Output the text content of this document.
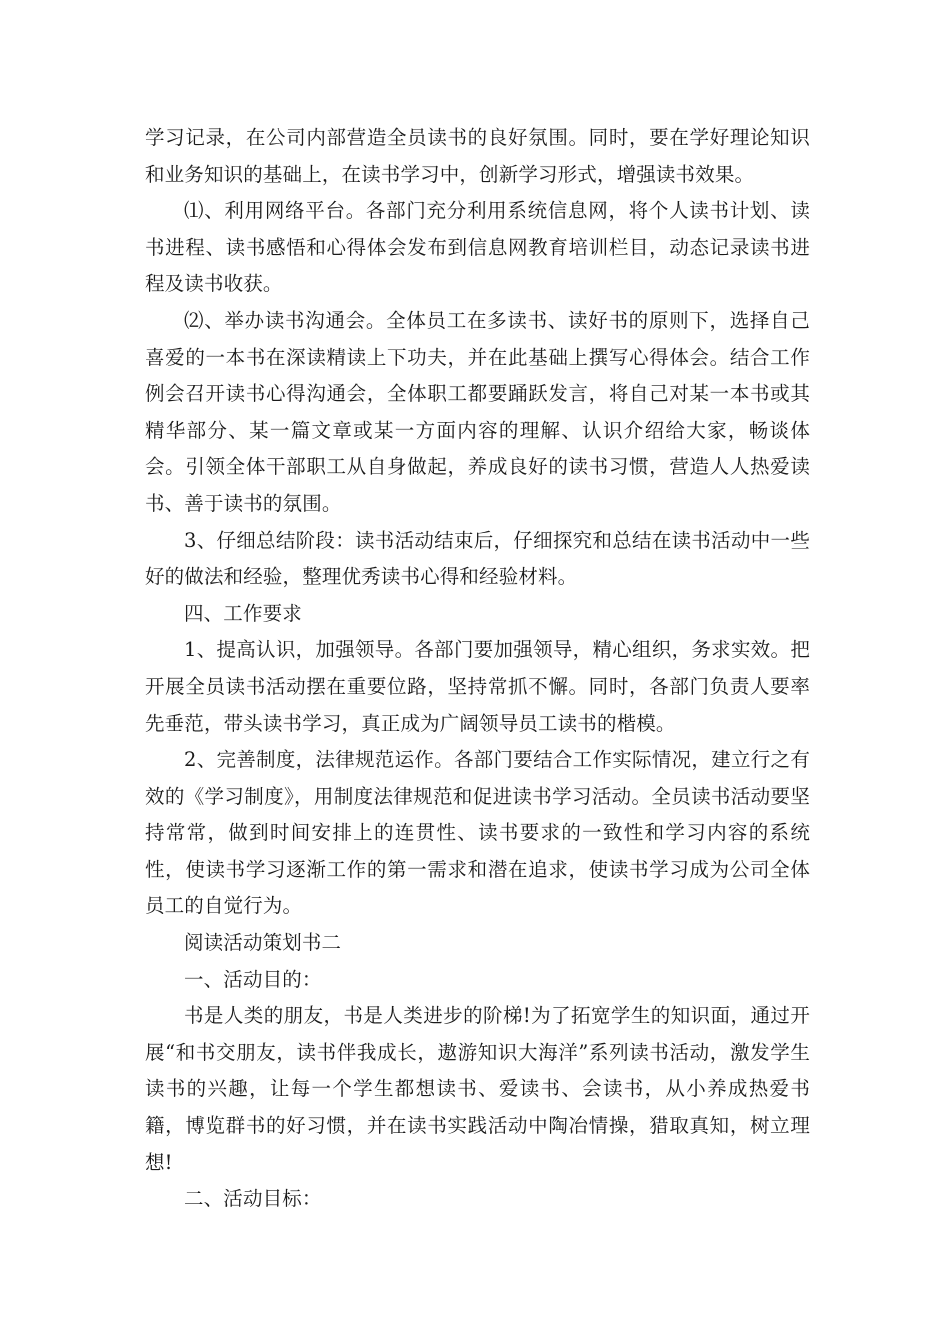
学习记录，在公司内部营造全员读书的良好氛围。同时，要在学好理论知识和业务知识的基础上，在读书学习中，创新学习形式，增强读书效果。

⑴、利用网络平台。各部门充分利用系统信息网，将个人读书计划、读书进程、读书感悟和心得体会发布到信息网教育培训栏目，动态记录读书进程及读书收获。

⑵、举办读书沟通会。全体员工在多读书、读好书的原则下，选择自己喜爱的一本书在深读精读上下功夫，并在此基础上撰写心得体会。结合工作例会召开读书心得沟通会，全体职工都要踊跃发言，将自己对某一本书或其精华部分、某一篇文章或某一方面内容的理解、认识介绍给大家，畅谈体会。引领全体干部职工从自身做起，养成良好的读书习惯，营造人人热爱读书、善于读书的氛围。

3、仔细总结阶段：读书活动结束后，仔细探究和总结在读书活动中一些好的做法和经验，整理优秀读书心得和经验材料。

四、工作要求

1、提高认识，加强领导。各部门要加强领导，精心组织，务求实效。把开展全员读书活动摆在重要位路，坚持常抓不懈。同时，各部门负责人要率先垂范，带头读书学习，真正成为广阔领导员工读书的楷模。

2、完善制度，法律规范运作。各部门要结合工作实际情况，建立行之有效的《学习制度》，用制度法律规范和促进读书学习活动。全员读书活动要坚持常常，做到时间安排上的连贯性、读书要求的一致性和学习内容的系统性，使读书学习逐渐工作的第一需求和潜在追求，使读书学习成为公司全体员工的自觉行为。

阅读活动策划书二

一、活动目的：

书是人类的朋友，书是人类进步的阶梯!为了拓宽学生的知识面，通过开展“和书交朋友，读书伴我成长，遨游知识大海洋”系列读书活动，激发学生读书的兴趣，让每一个学生都想读书、爱读书、会读书，从小养成热爱书籍，博览群书的好习惯，并在读书实践活动中陶冶情操，猎取真知，树立理想!

二、活动目标：
